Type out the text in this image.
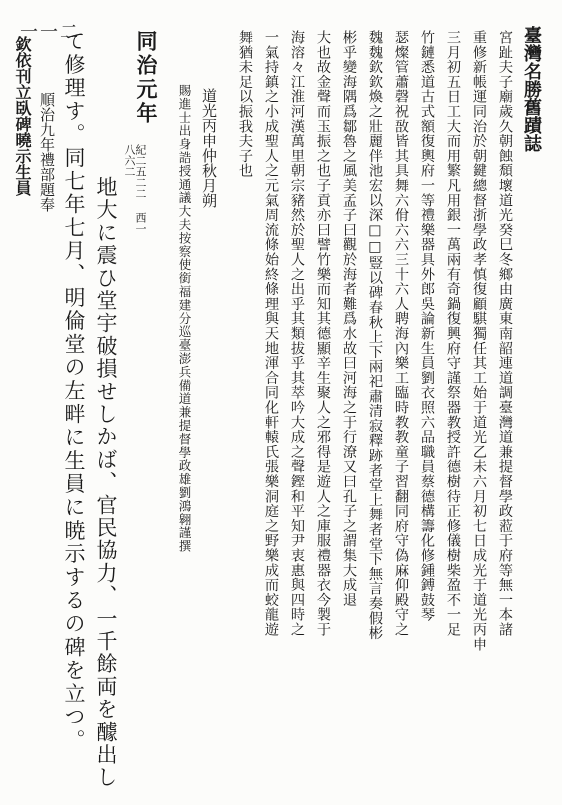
一一二	臺灣名勝舊蹟誌
宮趾夫子廟歲久朝蝕頹壞道光癸巳冬鄉由廣東南韶連道調臺灣道兼提督學政蒞于府等無一本諸
重修新帳運同治於朝鍵總督浙學政孝慎復顧騏獨任其工始于道光乙未六月初七日成光于道光丙申
三月初五日工大而用繁凡用銀一萬兩有奇鍋復興府守謹祭器教授許德樹待正修儀樹柴盈不一足
竹鏈悉道古式額復輿府一等禮樂器具外郎吳論新生員劉衣照六品職員蔡德構籌化修鍾鎛鼓琴
瑟燦管蕭磬祝敔皆其具舞六佾六六三十六人聘海內樂工臨時教教童子習翻同府守偽麻仰殿守之
魏魏欽欽煥之壯麗伴池宏以深□□豎以碑春秋上下兩祀肅清寂釋跡者堂上舞者堂下無言奏假彬
彬乎變海隅爲鄒魯之風美孟子曰觀於海者難爲水故曰河海之于行潦又曰孔子之謂集大成退
大也故金聲而玉振之也子貢亦曰譬竹樂而知其德顯辛生聚人之邪得是遊人之庫服禮器衣今製于
海溶々江淮河漢萬里朝宗豬然於聖人之出乎其類拔乎其萃吟大成之聲鏗和平知尹衷惠與四時之
一氣持鎮之小成聖人之元氣周流條始終條理與天地渾合同化軒轅氏張樂洞庭之野樂成而蛟龍遊
舞猶未足以振我夫子也
道光丙申仲秋月朔
賜進士出身誥授通議大夫按察使銜福建分巡臺澎兵備道兼提督學政雄劉鴻翱謹撰
同治元年
紀二五二二 西一八六二
地大に震ひ堂宇破損せしかば、官民協力、一千餘両を醵出し
て修理す。同七年七月、明倫堂の左畔に生員に暁示するの碑を立つ。
順治九年禮部題奉
欽依刊立臥碑曉示生員
